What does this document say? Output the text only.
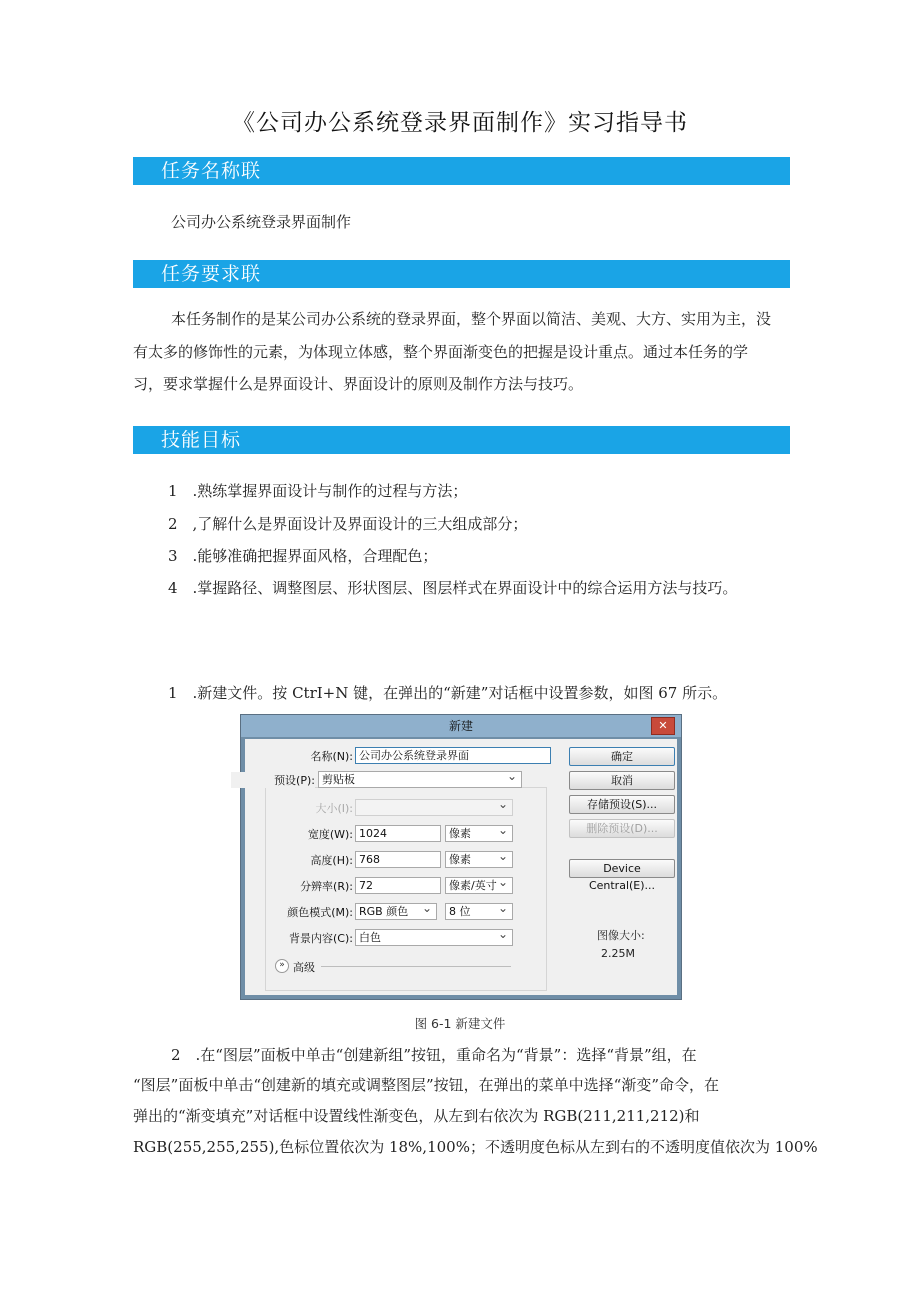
《公司办公系统登录界面制作》实习指导书
任务名称联
公司办公系统登录界面制作
任务要求联
本任务制作的是某公司办公系统的登录界面，整个界面以简洁、美观、大方、实用为主，没
有太多的修饰性的元素，为体现立体感，整个界面渐变色的把握是设计重点。通过本任务的学
习，要求掌握什么是界面设计、界面设计的原则及制作方法与技巧。
技能目标
1　.熟练掌握界面设计与制作的过程与方法；
2　,了解什么是界面设计及界面设计的三大组成部分；
3　.能够准确把握界面风格，合理配色；
4　.掌握路径、调整图层、形状图层、图层样式在界面设计中的综合运用方法与技巧。
1　.新建文件。按 CtrI+N 键，在弹出的“新建”对话框中设置参数，如图 67 所示。
新建	✕
名称(N): 公司办公系统登录界面
预设(P): 剪贴板 ⌄
大小(I):
⌄
宽度(W): 1024	像素 ⌄
高度(H): 768	像素 ⌄
分辨率(R): 72	像素/英寸 ⌄
颜色模式(M): RGB 颜色 ⌄	8 位 ⌄
背景内容(C): 白色 ⌄
» 高级
确定
取消
存储预设(S)...
删除预设(D)...
Device Central(E)...
图像大小:
2.25M
图 6-1 新建文件
2　.在“图层”面板中单击“创建新组”按钮，重命名为“背景”：选择“背景”组，在
“图层”面板中单击“创建新的填充或调整图层”按钮，在弹出的菜单中选择“渐变”命令，在
弹出的“渐变填充”对话框中设置线性渐变色，从左到右依次为 RGB(211,211,212)和
RGB(255,255,255),色标位置依次为 18%,100%；不透明度色标从左到右的不透明度值依次为 100%
